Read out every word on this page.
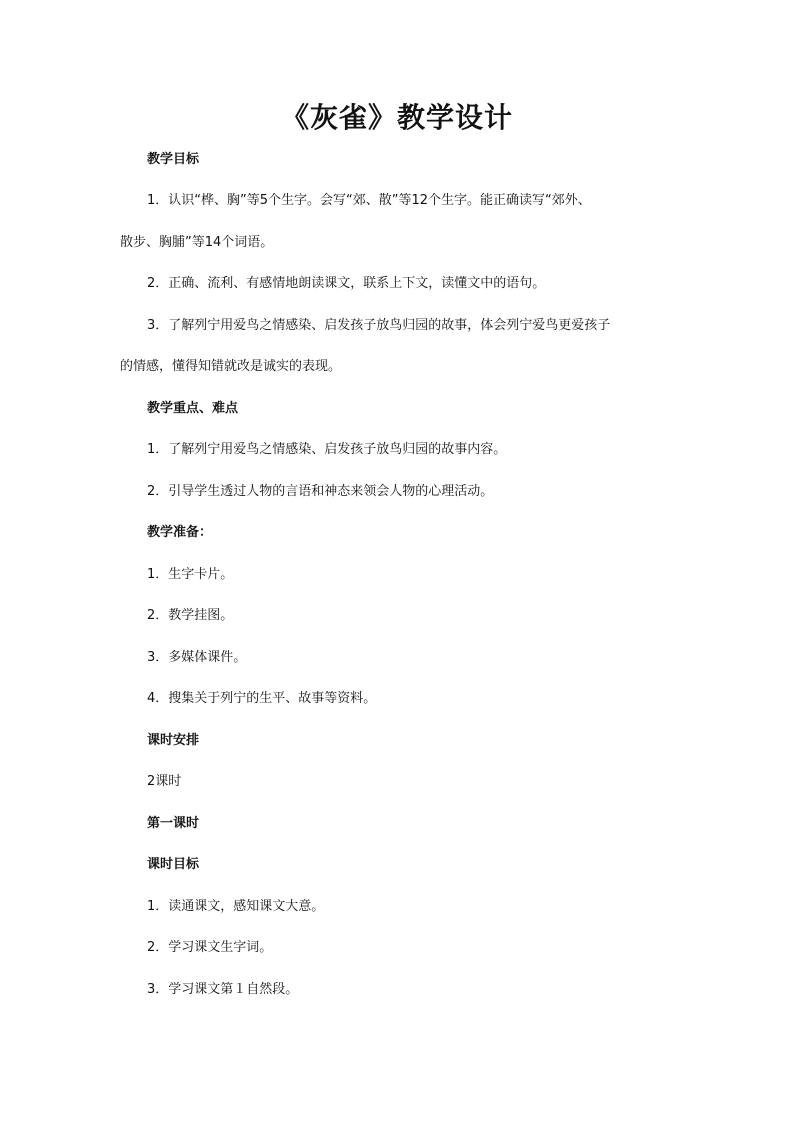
《灰雀》教学设计
教学目标
1．认识“桦、胸”等5个生字。会写“郊、散”等12个生字。能正确读写“郊外、
散步、胸脯”等14个词语。
2．正确、流利、有感情地朗读课文，联系上下文，读懂文中的语句。
3．了解列宁用爱鸟之情感染、启发孩子放鸟归园的故事，体会列宁爱鸟更爱孩子
的情感，懂得知错就改是诚实的表现。
教学重点、难点
1．了解列宁用爱鸟之情感染、启发孩子放鸟归园的故事内容。
2．引导学生透过人物的言语和神态来领会人物的心理活动。
教学准备：
1．生字卡片。
2．教学挂图。
3．多媒体课件。
4．搜集关于列宁的生平、故事等资料。
课时安排
2课时
第一课时
课时目标
1．读通课文，感知课文大意。
2．学习课文生字词。
3．学习课文第１自然段。
